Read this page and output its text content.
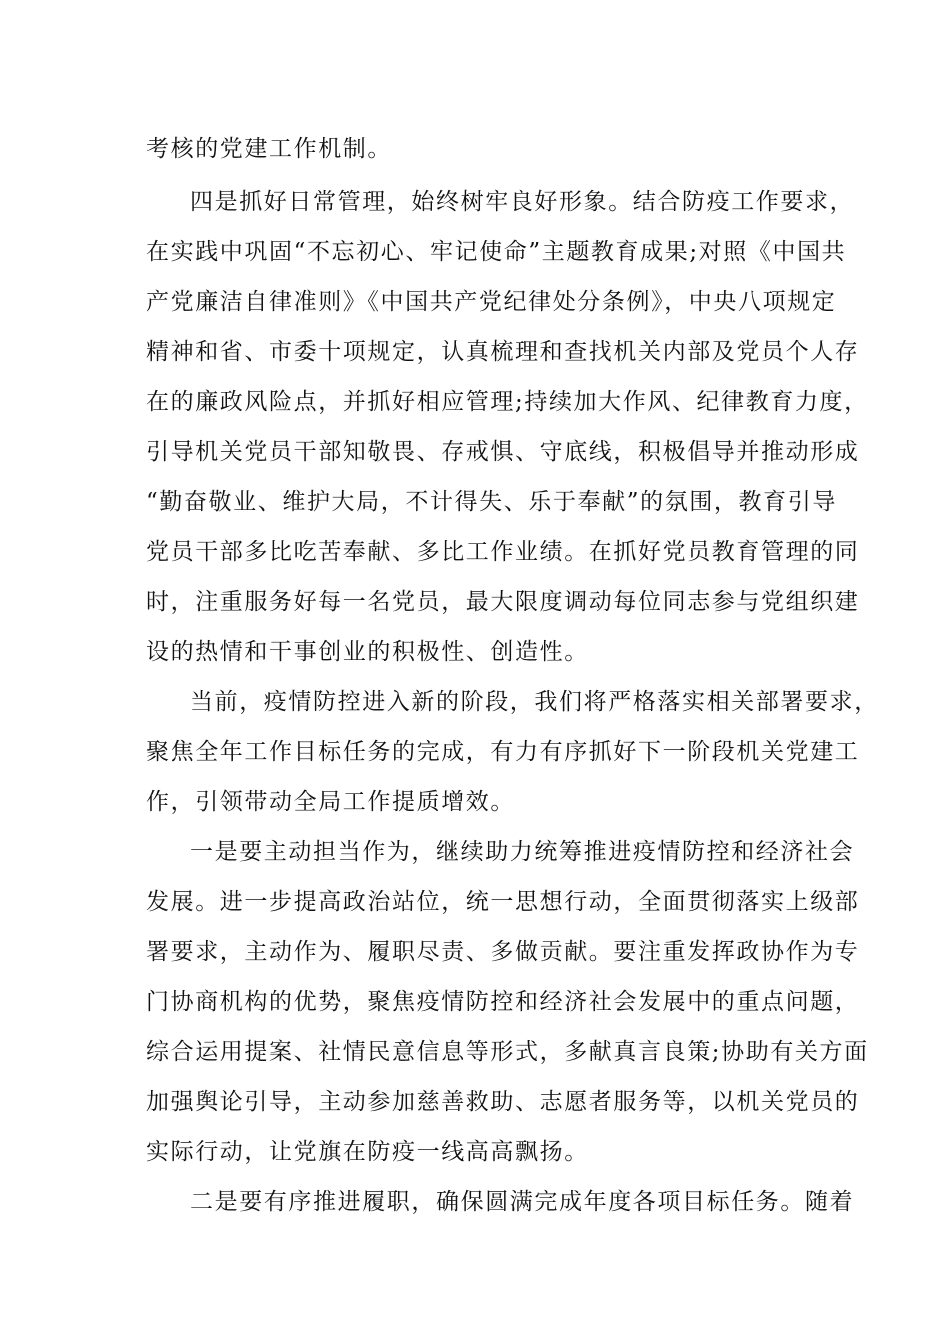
考核的党建工作机制。

四是抓好日常管理，始终树牢良好形象。结合防疫工作要求，

在实践中巩固“不忘初心、牢记使命”主题教育成果;对照《中国共

产党廉洁自律准则》《中国共产党纪律处分条例》，中央八项规定

精神和省、市委十项规定，认真梳理和查找机关内部及党员个人存

在的廉政风险点，并抓好相应管理;持续加大作风、纪律教育力度，

引导机关党员干部知敬畏、存戒惧、守底线，积极倡导并推动形成

“勤奋敬业、维护大局，不计得失、乐于奉献”的氛围，教育引导

党员干部多比吃苦奉献、多比工作业绩。在抓好党员教育管理的同

时，注重服务好每一名党员，最大限度调动每位同志参与党组织建

设的热情和干事创业的积极性、创造性。

当前，疫情防控进入新的阶段，我们将严格落实相关部署要求，

聚焦全年工作目标任务的完成，有力有序抓好下一阶段机关党建工

作，引领带动全局工作提质增效。

一是要主动担当作为，继续助力统筹推进疫情防控和经济社会

发展。进一步提高政治站位，统一思想行动，全面贯彻落实上级部

署要求，主动作为、履职尽责、多做贡献。要注重发挥政协作为专

门协商机构的优势，聚焦疫情防控和经济社会发展中的重点问题，

综合运用提案、社情民意信息等形式，多献真言良策;协助有关方面

加强舆论引导，主动参加慈善救助、志愿者服务等，以机关党员的

实际行动，让党旗在防疫一线高高飘扬。

二是要有序推进履职，确保圆满完成年度各项目标任务。随着
